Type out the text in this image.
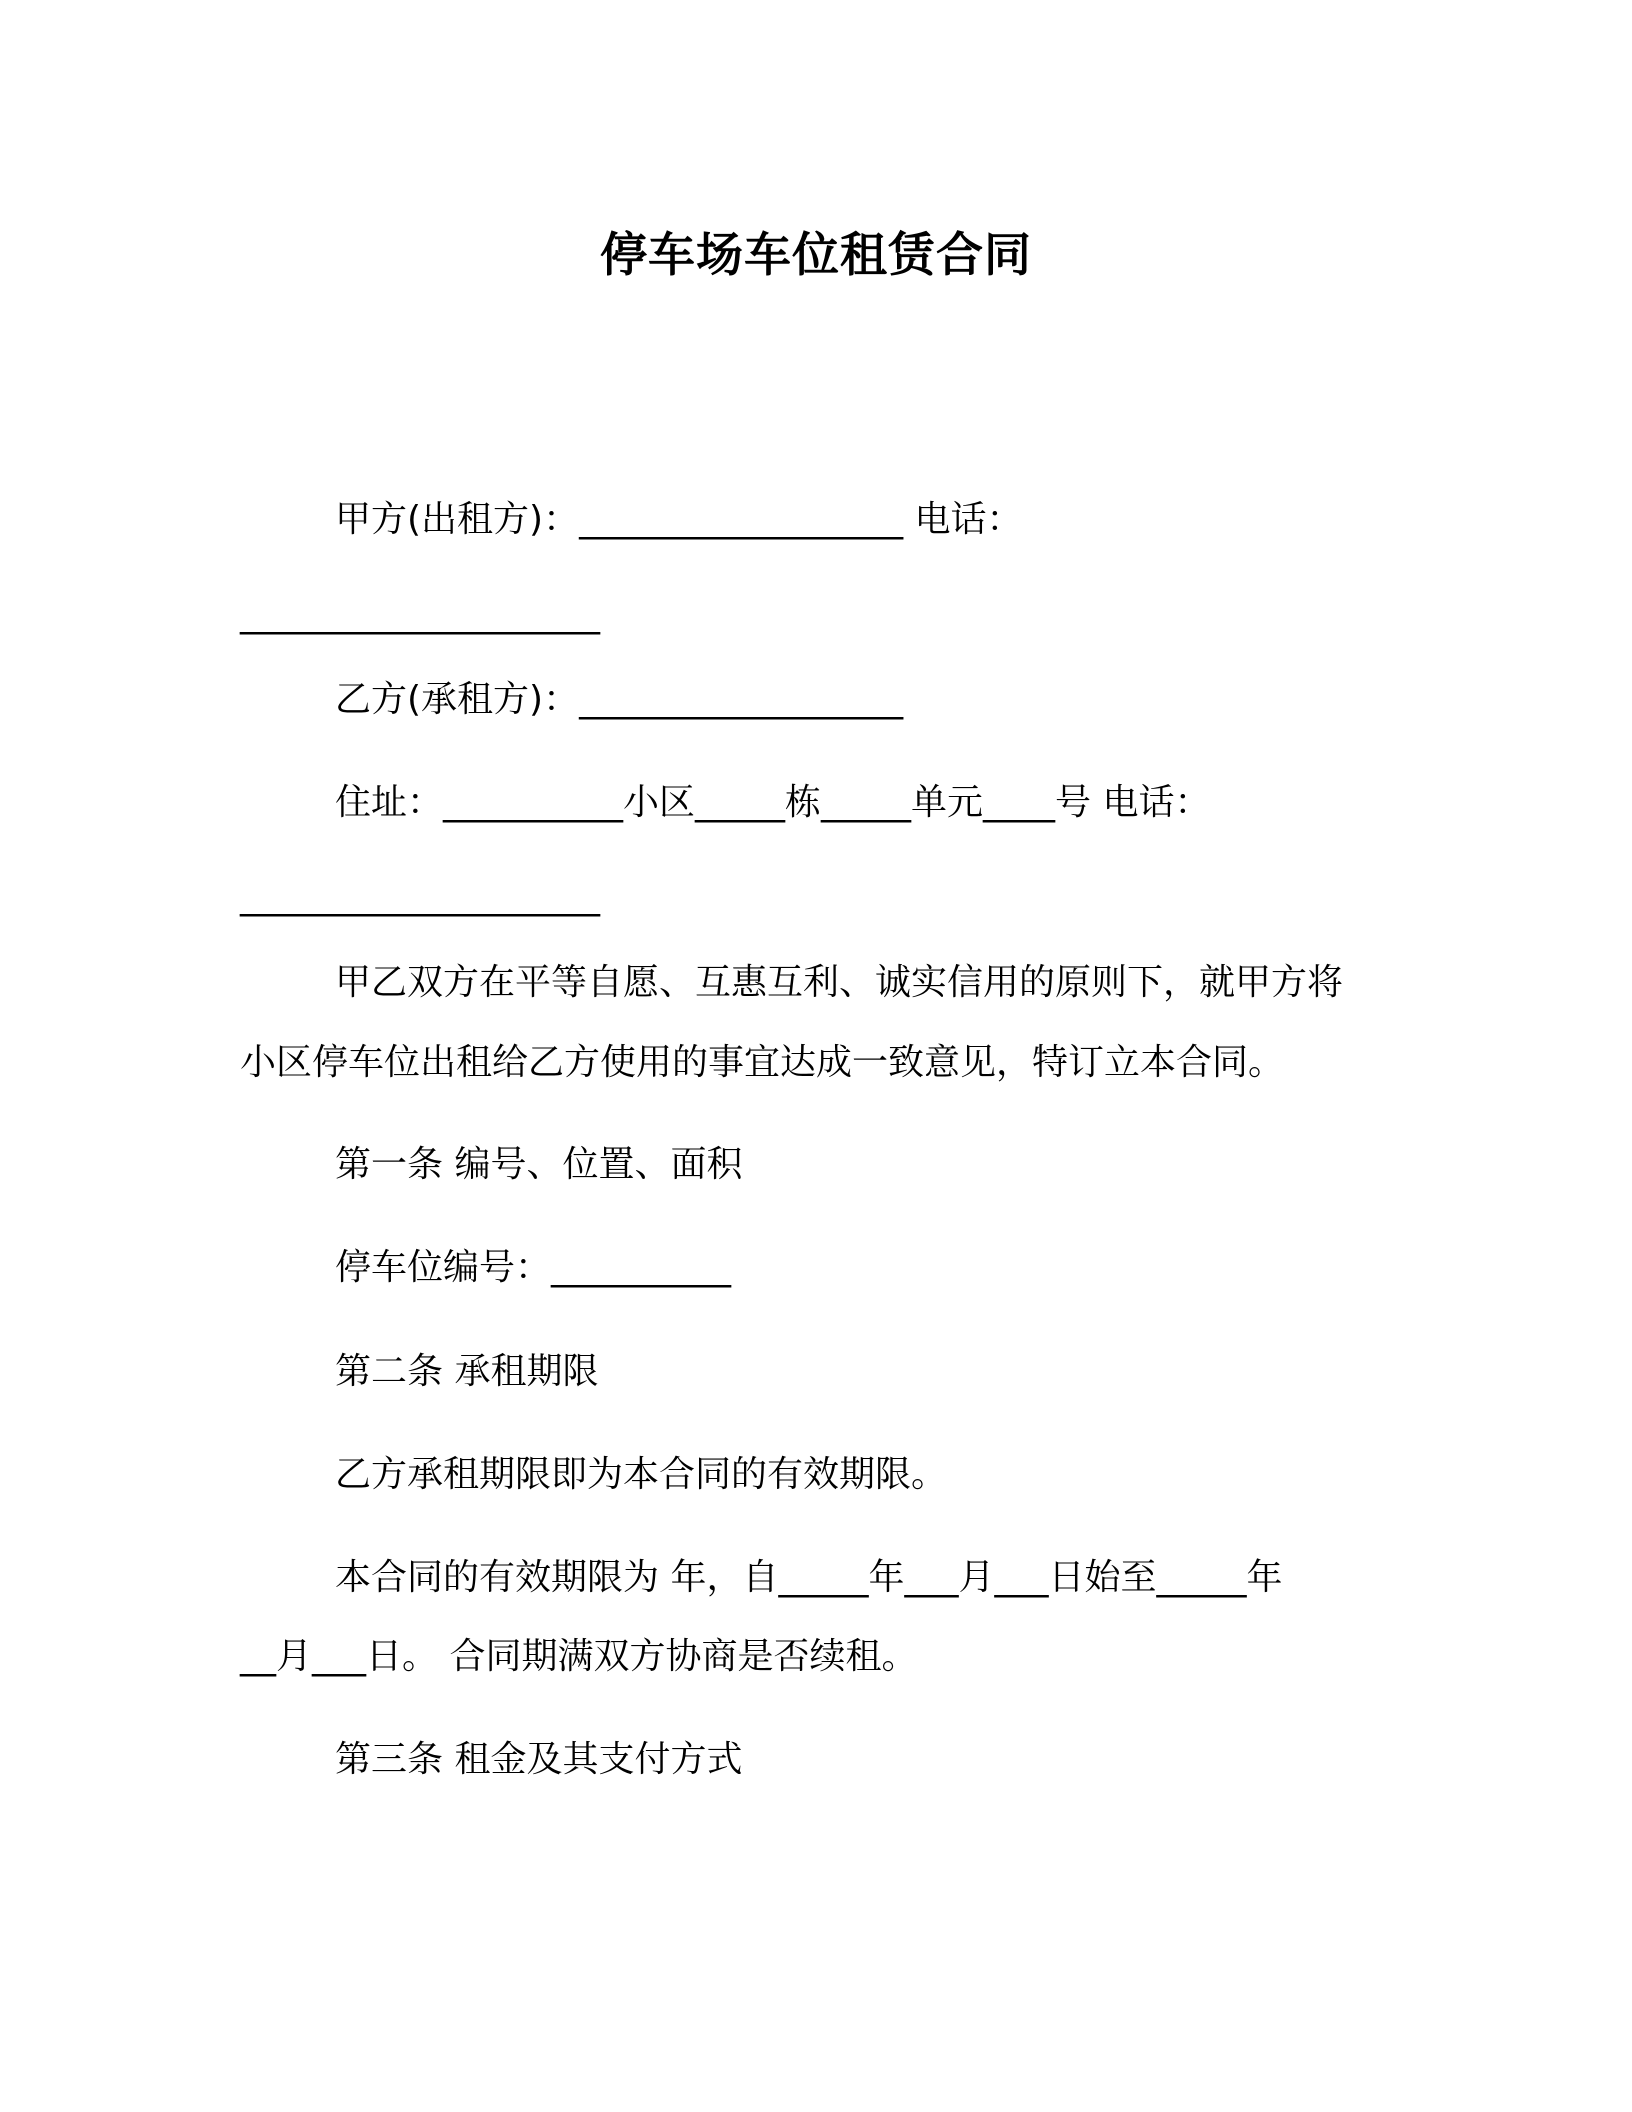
停车场车位租赁合同
甲方(出租方)：__________________ 电话：
____________________
乙方(承租方)：__________________
住址：__________小区_____栋_____单元____号 电话：
____________________
甲乙双方在平等自愿、互惠互利、诚实信用的原则下，就甲方将
小区停车位出租给乙方使用的事宜达成一致意见，特订立本合同。
第一条 编号、位置、面积
停车位编号：__________
第二条 承租期限
乙方承租期限即为本合同的有效期限。
本合同的有效期限为 年，自_____年___月___日始至_____年
__月___日。 合同期满双方协商是否续租。
第三条 租金及其支付方式
